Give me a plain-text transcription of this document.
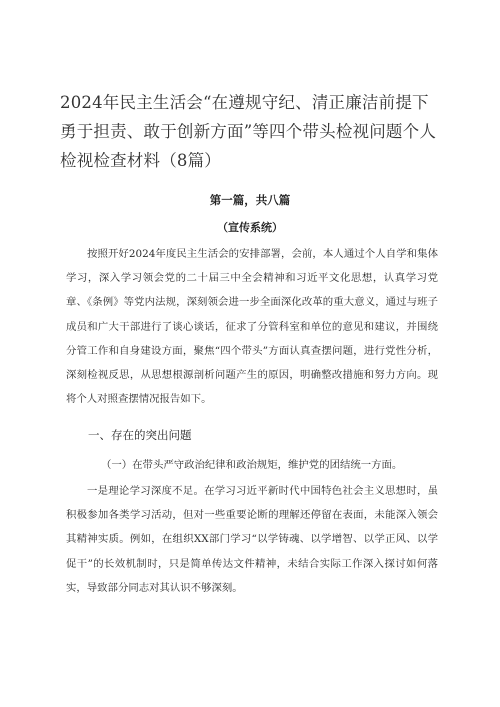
2024年民主生活会“在遵规守纪、清正廉洁前提下勇于担责、敢于创新方面”等四个带头检视问题个人检视检查材料（8篇）
第一篇，共八篇
（宣传系统）

按照开好2024年度民主生活会的安排部署，会前，本人通过个人自学和集体学习，深入学习领会党的二十届三中全会精神和习近平文化思想，认真学习党章、《条例》等党内法规，深刻领会进一步全面深化改革的重大意义，通过与班子成员和广大干部进行了谈心谈话，征求了分管科室和单位的意见和建议，并围绕分管工作和自身建设方面，聚焦“四个带头”方面认真查摆问题，进行党性分析，深刻检视反思，从思想根源剖析问题产生的原因，明确整改措施和努力方向。现将个人对照查摆情况报告如下。

一、存在的突出问题

（一）在带头严守政治纪律和政治规矩，维护党的团结统一方面。

一是理论学习深度不足。在学习习近平新时代中国特色社会主义思想时，虽积极参加各类学习活动，但对一些重要论断的理解还停留在表面，未能深入领会其精神实质。例如，在组织XX部门学习“以学铸魂、以学增智、以学正风、以学促干”的长效机制时，只是简单传达文件精神，未结合实际工作深入探讨如何落实，导致部分同志对其认识不够深刻。
